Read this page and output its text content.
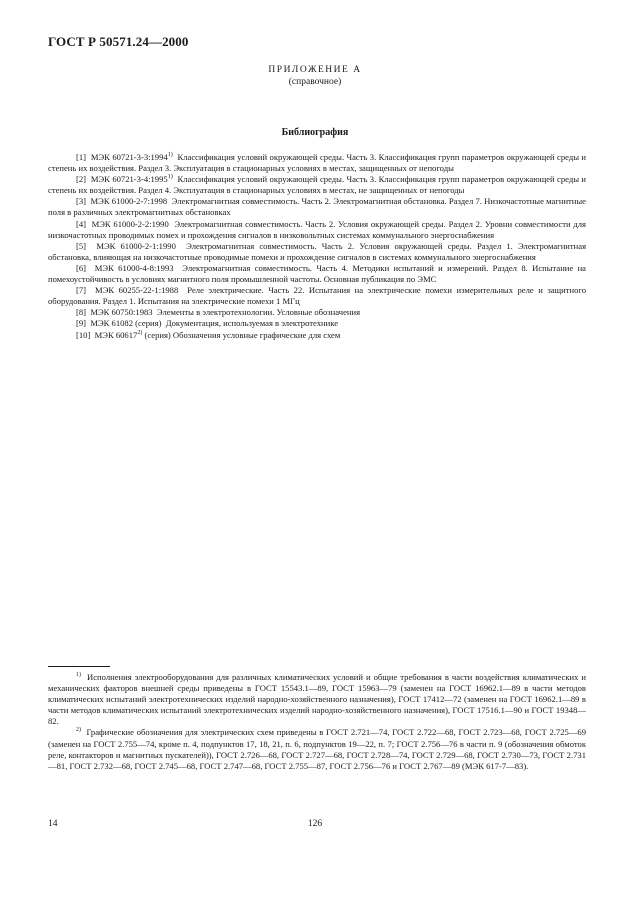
ГОСТ Р 50571.24—2000
ПРИЛОЖЕНИЕ А
(справочное)
Библиография

[1] МЭК 60721-3-3:1994$^{1)}$ Классификация условий окружающей среды. Часть 3. Классификация групп параметров окружающей среды и степень их воздействия. Раздел 3. Эксплуатация в стационарных условиях в местах, защищенных от непогоды

[2] МЭК 60721-3-4:1995$^{1)}$ Классификация условий окружающей среды. Часть 3. Классификация групп параметров окружающей среды и степень их воздействия. Раздел 4. Эксплуатация в стационарных условиях в местах, не защищенных от непогоды

[3] МЭК 61000-2-7:1998 Электромагнитная совместимость. Часть 2. Электромагнитная обстановка. Раздел 7. Низкочастотные магнитные поля в различных электромагнитных обстановках

[4] МЭК 61000-2-2:1990 Электромагнитная совместимость. Часть 2. Условия окружающей среды. Раздел 2. Уровни совместимости для низкочастотных проводимых помех и прохождения сигналов в низковольтных системах коммунального энергоснабжения

[5] МЭК 61000-2-1:1990 Электромагнитная совместимость. Часть 2. Условия окружающей среды. Раздел 1. Электромагнитная обстановка, влияющая на низкочастотные проводимые помехи и прохождение сигналов в системах коммунального энергоснабжения

[6] МЭК 61000-4-8:1993 Электромагнитная совместимость. Часть 4. Методики испытаний и измерений. Раздел 8. Испытание на помехоустойчивость в условиях магнитного поля промышленной частоты. Основная публикация по ЭМС

[7] МЭК 60255-22-1:1988 Реле электрические. Часть 22. Испытания на электрические помехи измерительных реле и защитного оборудования. Раздел 1. Испытания на электрические помехи 1 МГц

[8] МЭК 60750:1983 Элементы в электротехнологии. Условные обозначения

[9] МЭК 61082 (серия) Документация, используемая в электротехнике

[10] МЭК 60617$^{2)}$ (серия) Обозначения условные графические для схем

$^{1)}$ Исполнения электрооборудования для различных климатических условий и общие требования в части воздействия климатических и механических факторов внешней среды приведены в ГОСТ 15543.1—89, ГОСТ 15963—79 (заменен на ГОСТ 16962.1—89 в части методов климатических испытаний электротехнических изделий народно-хозяйственного назначения), ГОСТ 17412—72 (заменен на ГОСТ 16962.1—89 в части методов климатических испытаний электротехнических изделий народно-хозяйственного назначения), ГОСТ 17516.1—90 и ГОСТ 19348—82.

$^{2)}$ Графические обозначения для электрических схем приведены в ГОСТ 2.721—74, ГОСТ 2.722—68, ГОСТ 2.723—68, ГОСТ 2.725—69 (заменен на ГОСТ 2.755—74, кроме п. 4, подпунктов 17, 18, 21, п. 6, подпунктов 19—22, п. 7; ГОСТ 2.756—76 в части п. 9 (обозначения обмоток реле, контакторов и магнитных пускателей)), ГОСТ 2.726—68, ГОСТ 2.727—68, ГОСТ 2.728—74, ГОСТ 2.729—68, ГОСТ 2.730—73, ГОСТ 2.731—81, ГОСТ 2.732—68, ГОСТ 2.745—68, ГОСТ 2.747—68, ГОСТ 2.755—87, ГОСТ 2.756—76 и ГОСТ 2.767—89 (МЭК 617-7—83).

14	126
